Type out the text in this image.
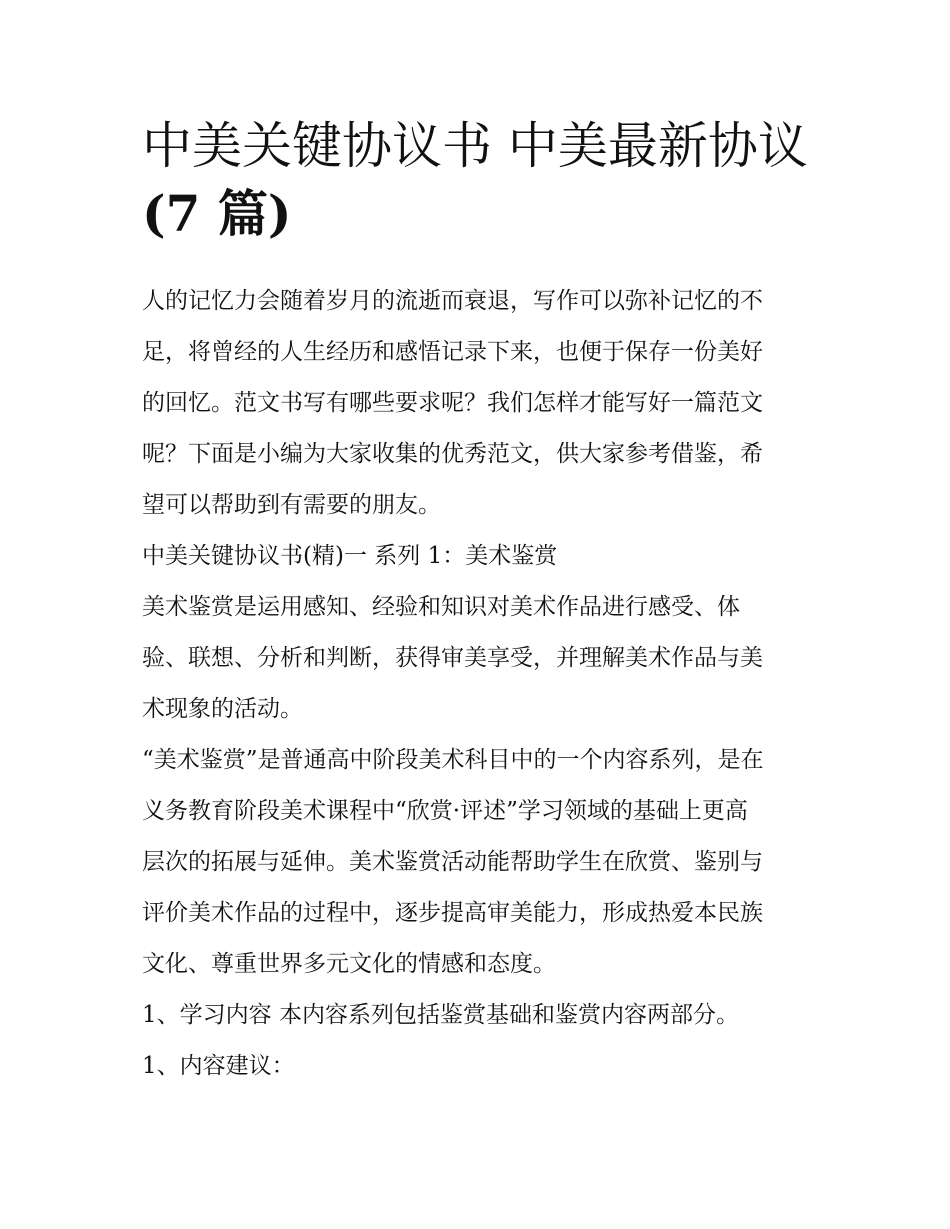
中美关键协议书 中美最新协议
(7 篇)

人的记忆力会随着岁月的流逝而衰退，写作可以弥补记忆的不
足，将曾经的人生经历和感悟记录下来，也便于保存一份美好
的回忆。范文书写有哪些要求呢？我们怎样才能写好一篇范文
呢？下面是小编为大家收集的优秀范文，供大家参考借鉴，希
望可以帮助到有需要的朋友。

中美关键协议书(精)一 系列 1：美术鉴赏

美术鉴赏是运用感知、经验和知识对美术作品进行感受、体
验、联想、分析和判断，获得审美享受，并理解美术作品与美
术现象的活动。

“美术鉴赏”是普通高中阶段美术科目中的一个内容系列，是在
义务教育阶段美术课程中“欣赏·评述”学习领域的基础上更高
层次的拓展与延伸。美术鉴赏活动能帮助学生在欣赏、鉴别与
评价美术作品的过程中，逐步提高审美能力，形成热爱本民族
文化、尊重世界多元文化的情感和态度。

1、学习内容 本内容系列包括鉴赏基础和鉴赏内容两部分。

1、内容建议：
